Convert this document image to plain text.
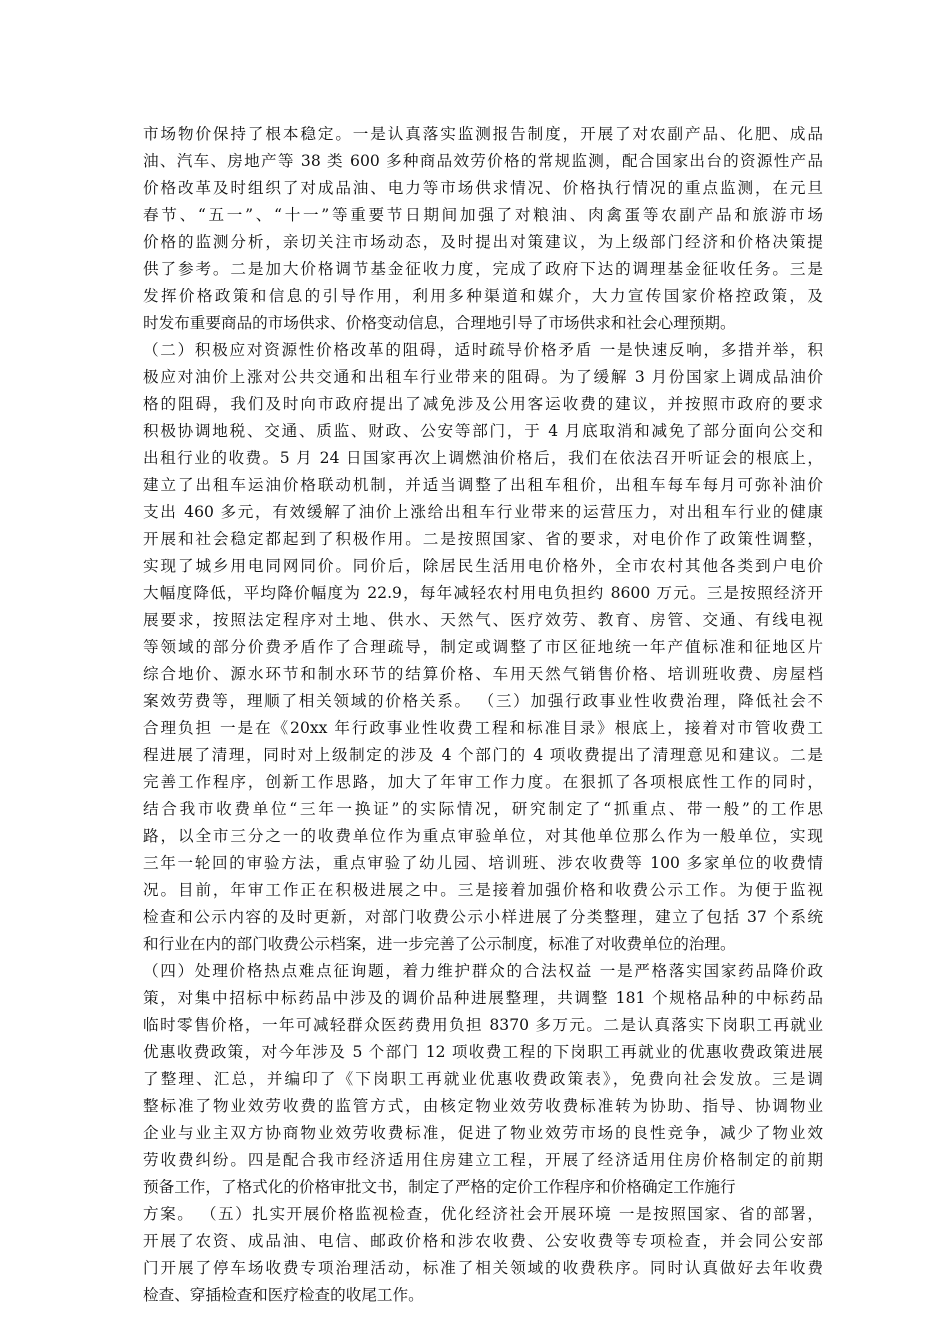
市场物价保持了根本稳定。一是认真落实监测报告制度，开展了对农副产品、化肥、成品
油、汽车、房地产等 38 类 600 多种商品效劳价格的常规监测，配合国家出台的资源性产品
价格改革及时组织了对成品油、电力等市场供求情况、价格执行情况的重点监测，在元旦
春节、“五一”、“十一”等重要节日期间加强了对粮油、肉禽蛋等农副产品和旅游市场
价格的监测分析，亲切关注市场动态，及时提出对策建议，为上级部门经济和价格决策提
供了参考。二是加大价格调节基金征收力度，完成了政府下达的调理基金征收任务。三是
发挥价格政策和信息的引导作用，利用多种渠道和媒介，大力宣传国家价格控政策，及
时发布重要商品的市场供求、价格变动信息，合理地引导了市场供求和社会心理预期。
（二）积极应对资源性价格改革的阻碍，适时疏导价格矛盾 一是快速反响，多措并举，积
极应对油价上涨对公共交通和出租车行业带来的阻碍。为了缓解 3 月份国家上调成品油价
格的阻碍，我们及时向市政府提出了减免涉及公用客运收费的建议，并按照市政府的要求
积极协调地税、交通、质监、财政、公安等部门，于 4 月底取消和减免了部分面向公交和
出租行业的收费。5 月 24 日国家再次上调燃油价格后，我们在依法召开听证会的根底上，
建立了出租车运油价格联动机制，并适当调整了出租车租价，出租车每车每月可弥补油价
支出 460 多元，有效缓解了油价上涨给出租车行业带来的运营压力，对出租车行业的健康
开展和社会稳定都起到了积极作用。二是按照国家、省的要求，对电价作了政策性调整，
实现了城乡用电同网同价。同价后，除居民生活用电价格外，全市农村其他各类到户电价
大幅度降低，平均降价幅度为 22.9，每年减轻农村用电负担约 8600 万元。三是按照经济开
展要求，按照法定程序对土地、供水、天然气、医疗效劳、教育、房管、交通、有线电视
等领域的部分价费矛盾作了合理疏导，制定或调整了市区征地统一年产值标准和征地区片
综合地价、源水环节和制水环节的结算价格、车用天然气销售价格、培训班收费、房屋档
案效劳费等，理顺了相关领域的价格关系。 （三）加强行政事业性收费治理，降低社会不
合理负担 一是在《20xx 年行政事业性收费工程和标准目录》根底上，接着对市管收费工
程进展了清理，同时对上级制定的涉及 4 个部门的 4 项收费提出了清理意见和建议。二是
完善工作程序，创新工作思路，加大了年审工作力度。在狠抓了各项根底性工作的同时，
结合我市收费单位“三年一换证”的实际情况，研究制定了“抓重点、带一般”的工作思
路，以全市三分之一的收费单位作为重点审验单位，对其他单位那么作为一般单位，实现
三年一轮回的审验方法，重点审验了幼儿园、培训班、涉农收费等 100 多家单位的收费情
况。目前，年审工作正在积极进展之中。三是接着加强价格和收费公示工作。为便于监视
检查和公示内容的及时更新，对部门收费公示小样进展了分类整理，建立了包括 37 个系统
和行业在内的部门收费公示档案，进一步完善了公示制度，标准了对收费单位的治理。
（四）处理价格热点难点征询题，着力维护群众的合法权益 一是严格落实国家药品降价政
策，对集中招标中标药品中涉及的调价品种进展整理，共调整 181 个规格品种的中标药品
临时零售价格，一年可减轻群众医药费用负担 8370 多万元。二是认真落实下岗职工再就业
优惠收费政策，对今年涉及 5 个部门 12 项收费工程的下岗职工再就业的优惠收费政策进展
了整理、汇总，并编印了《下岗职工再就业优惠收费政策表》，免费向社会发放。三是调
整标准了物业效劳收费的监管方式，由核定物业效劳收费标准转为协助、指导、协调物业
企业与业主双方协商物业效劳收费标准，促进了物业效劳市场的良性竞争，减少了物业效
劳收费纠纷。四是配合我市经济适用住房建立工程，开展了经济适用住房价格制定的前期
预备工作，了格式化的价格审批文书，制定了严格的定价工作程序和价格确定工作施行
方案。 （五）扎实开展价格监视检查，优化经济社会开展环境 一是按照国家、省的部署，
开展了农资、成品油、电信、邮政价格和涉农收费、公安收费等专项检查，并会同公安部
门开展了停车场收费专项治理活动，标准了相关领域的收费秩序。同时认真做好去年收费
检查、穿插检查和医疗检查的收尾工作。
